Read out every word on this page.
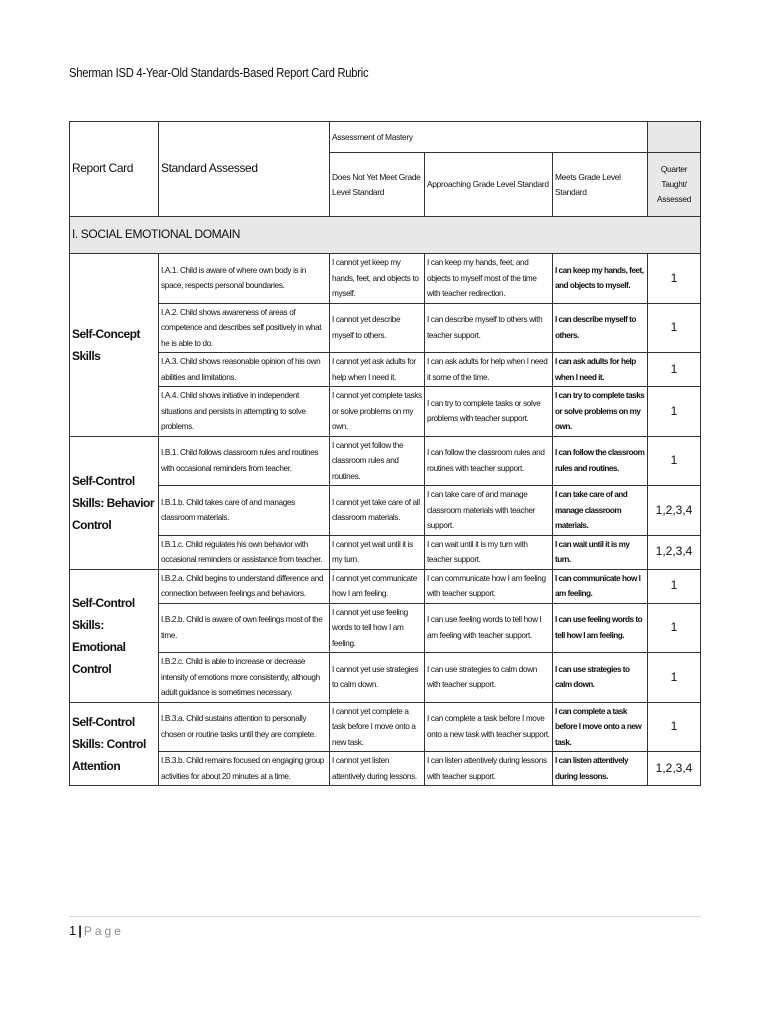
Sherman ISD 4-Year-Old Standards-Based Report Card Rubric
Report Card	Standard Assessed	Assessment of Mastery			
		Does Not Yet Meet Grade Level Standard	Approaching Grade Level Standard	Meets Grade Level Standard	Quarter Taught/ Assessed
I. SOCIAL EMOTIONAL DOMAIN					
Self-Concept Skills	I.A.1. Child is aware of where own body is in space, respects personal boundaries.	I cannot yet keep my hands, feet, and objects to myself.	I can keep my hands, feet, and objects to myself most of the time with teacher redirection.	I can keep my hands, feet, and objects to myself.	1
	I.A.2. Child shows awareness of areas of competence and describes self positively in what he is able to do.	I cannot yet describe myself to others.	I can describe myself to others with teacher support.	I can describe myself to others.	1
	I.A.3. Child shows reasonable opinion of his own abilities and limitations.	I cannot yet ask adults for help when I need it.	I can ask adults for help when I need it some of the time.	I can ask adults for help when I need it.	1
	I.A.4. Child shows initiative in independent situations and persists in attempting to solve problems.	I cannot yet complete tasks or solve problems on my own.	I can try to complete tasks or solve problems with teacher support.	I can try to complete tasks or solve problems on my own.	1
Self-Control Skills: Behavior Control	I.B.1. Child follows classroom rules and routines with occasional reminders from teacher.	I cannot yet follow the classroom rules and routines.	I can follow the classroom rules and routines with teacher support.	I can follow the classroom rules and routines.	1
	I.B.1.b. Child takes care of and manages classroom materials.	I cannot yet take care of all classroom materials.	I can take care of and manage classroom materials with teacher support.	I can take care of and manage classroom materials.	1,2,3,4
	I.B.1.c. Child regulates his own behavior with occasional reminders or assistance from teacher.	I cannot yet wait until it is my turn.	I can wait until it is my turn with teacher support.	I can wait until it is my turn.	1,2,3,4
Self-Control Skills: Emotional Control	I.B.2.a. Child begins to understand difference and connection between feelings and behaviors.	I cannot yet communicate how I am feeling.	I can communicate how I am feeling with teacher support.	I can communicate how I am feeling.	1
	I.B.2.b. Child is aware of own feelings most of the time.	I cannot yet use feeling words to tell how I am feeling.	I can use feeling words to tell how I am feeling with teacher support.	I can use feeling words to tell how I am feeling.	1
	I.B.2.c. Child is able to increase or decrease intensity of emotions more consistently, although adult guidance is sometimes necessary.	I cannot yet use strategies to calm down.	I can use strategies to calm down with teacher support.	I can use strategies to calm down.	1
Self-Control Skills: Control Attention	I.B.3.a. Child sustains attention to personally chosen or routine tasks until they are complete.	I cannot yet complete a task before I move onto a new task.	I can complete a task before I move onto a new task with teacher support.	I can complete a task before I move onto a new task.	1
	I.B.3.b. Child remains focused on engaging group activities for about 20 minutes at a time.	I cannot yet listen attentively during lessons.	I can listen attentively during lessons with teacher support.	I can listen attentively during lessons.	1,2,3,4
1 | Page
